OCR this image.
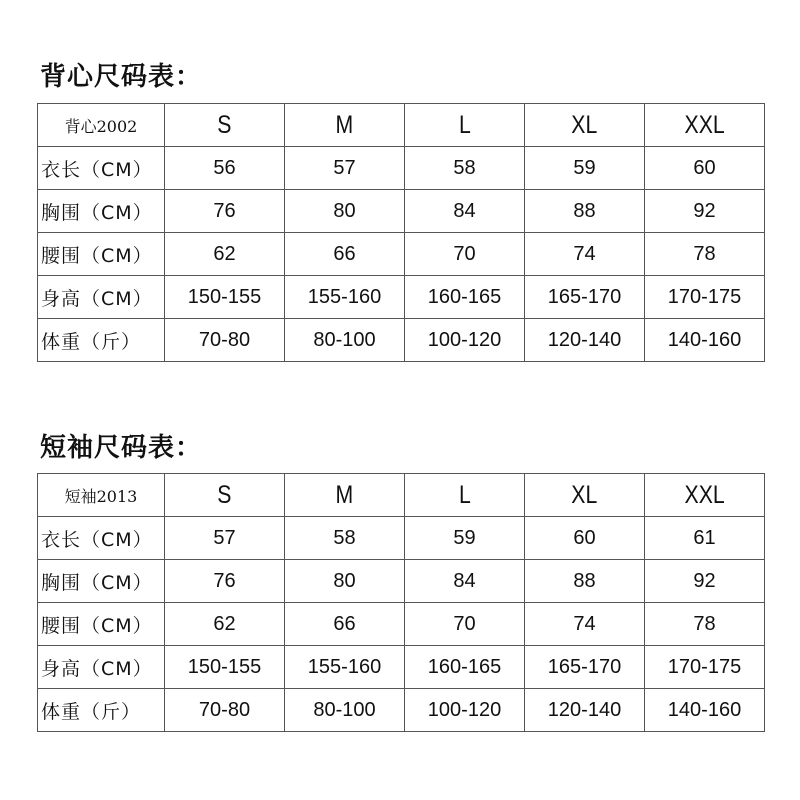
背心尺码表：
背心2002	S	M	L	XL	XXL
衣长（CM）	56	57	58	59	60
胸围（CM）	76	80	84	88	92
腰围（CM）	62	66	70	74	78
身高（CM）	150-155	155-160	160-165	165-170	170-175
体重（斤）	70-80	80-100	100-120	120-140	140-160
短袖尺码表：
短袖2013	S	M	L	XL	XXL
衣长（CM）	57	58	59	60	61
胸围（CM）	76	80	84	88	92
腰围（CM）	62	66	70	74	78
身高（CM）	150-155	155-160	160-165	165-170	170-175
体重（斤）	70-80	80-100	100-120	120-140	140-160
